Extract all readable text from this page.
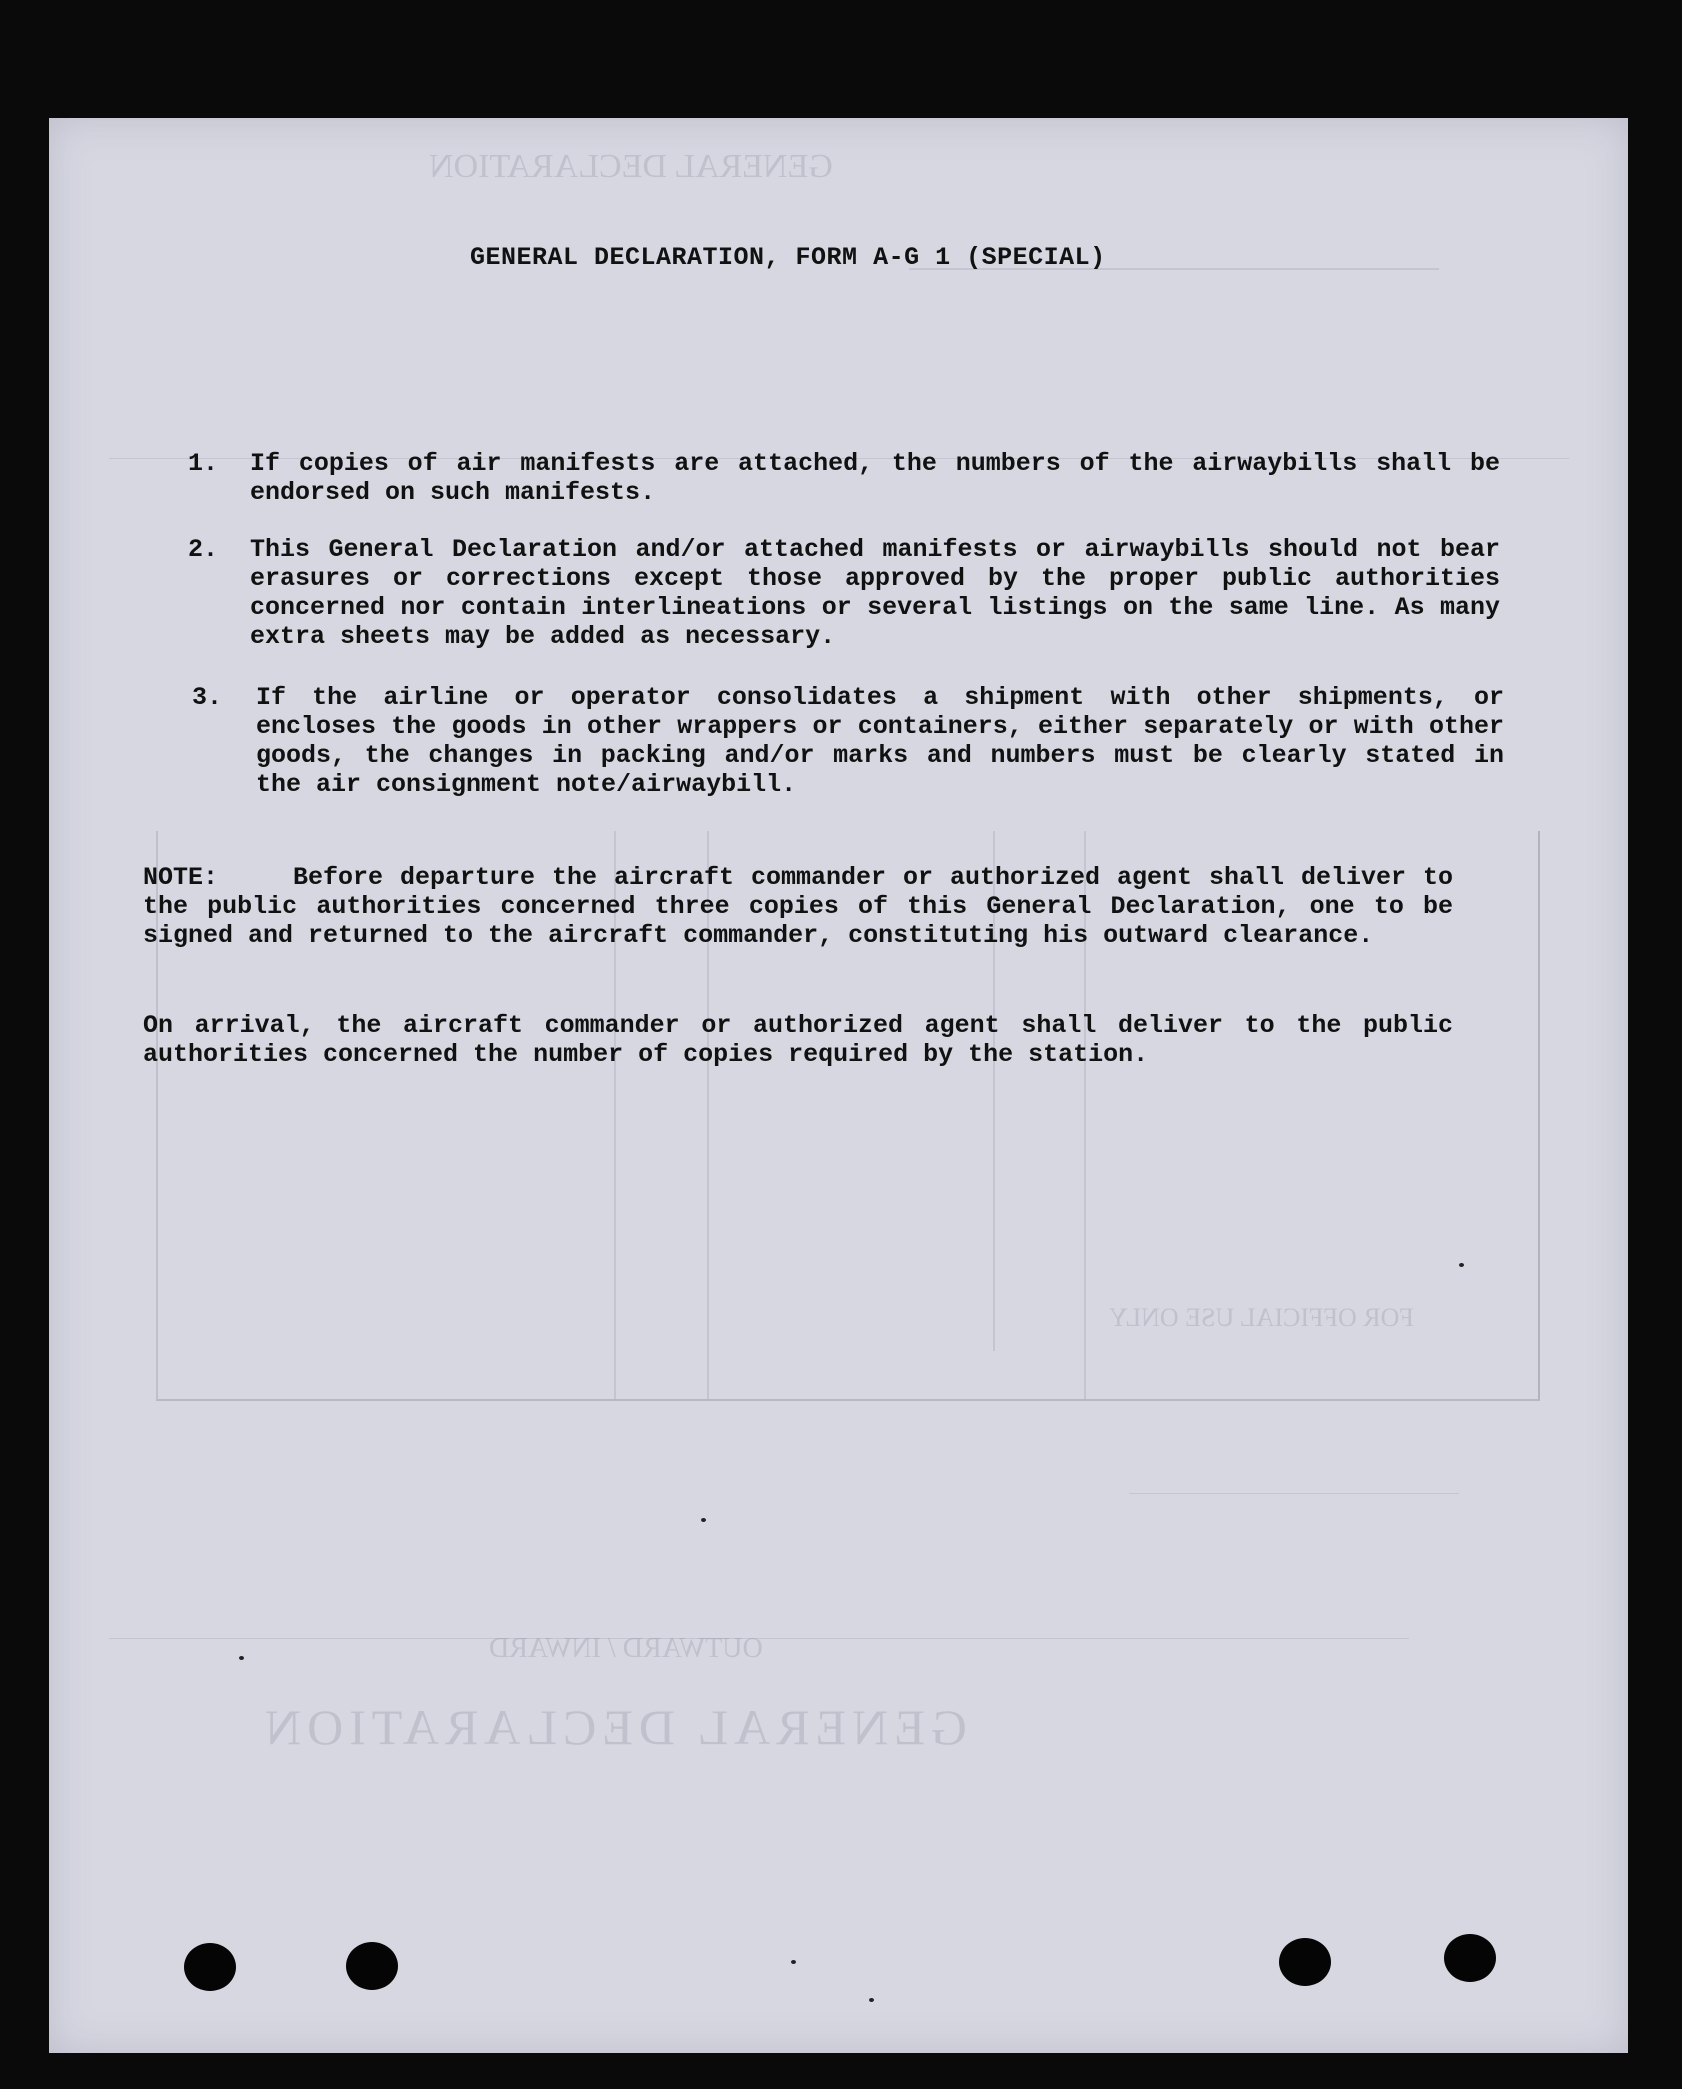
GENERAL DECLARATION
GENERAL DECLARATION
OUTWARD / INWARD
FOR OFFICIAL USE ONLY
GENERAL DECLARATION, FORM A-G 1 (SPECIAL)
1. If copies of air manifests are attached, the numbers of the airwaybills shall be endorsed on such manifests.
2. This General Declaration and/or attached manifests or airwaybills should not bear erasures or corrections except those approved by the proper public authorities concerned nor contain interlineations or several listings on the same line. As many extra sheets may be added as necessary.
3. If the airline or operator consolidates a shipment with other shipments, or encloses the goods in other wrappers or containers, either separately or with other goods, the changes in packing and/or marks and numbers must be clearly stated in the air consignment note/airwaybill.
NOTE:	Before departure the aircraft commander or authorized agent shall deliver to the public authorities concerned three copies of this General Declaration, one to be signed and returned to the aircraft commander, constituting his outward clearance.
On arrival, the aircraft commander or authorized agent shall deliver to the public authorities concerned the number of copies required by the station.
